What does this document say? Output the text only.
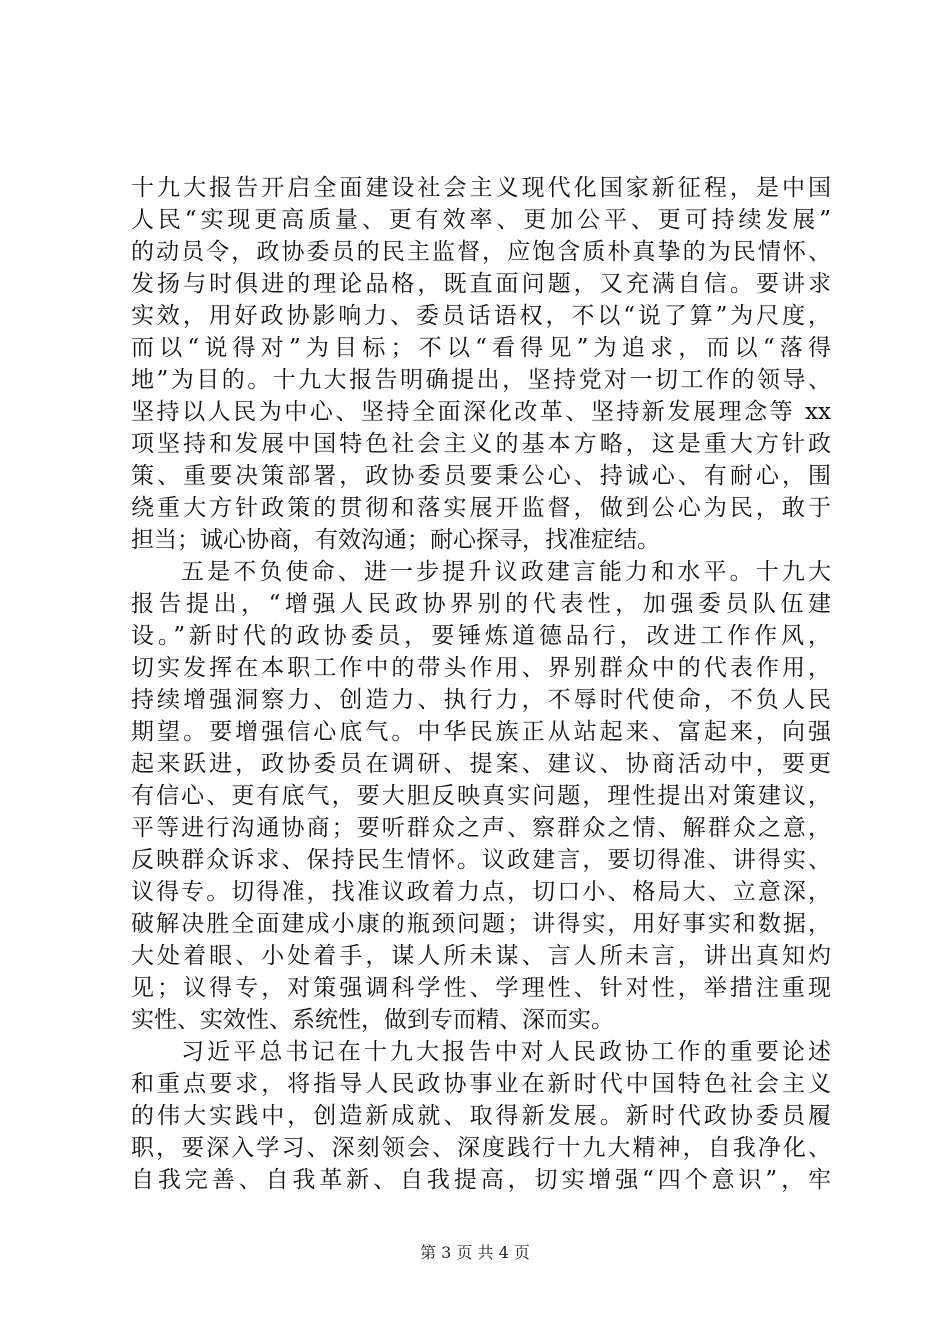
十九大报告开启全面建设社会主义现代化国家新征程，是中国
人民“实现更高质量、更有效率、更加公平、更可持续发展”
的动员令，政协委员的民主监督，应饱含质朴真挚的为民情怀、
发扬与时俱进的理论品格，既直面问题，又充满自信。要讲求
实效，用好政协影响力、委员话语权，不以“说了算”为尺度，
而以“说得对”为目标；不以“看得见”为追求，而以“落得
地”为目的。十九大报告明确提出，坚持党对一切工作的领导、
坚持以人民为中心、坚持全面深化改革、坚持新发展理念等 xx
项坚持和发展中国特色社会主义的基本方略，这是重大方针政
策、重要决策部署，政协委员要秉公心、持诚心、有耐心，围
绕重大方针政策的贯彻和落实展开监督，做到公心为民，敢于
担当；诚心协商，有效沟通；耐心探寻，找准症结。
五是不负使命、进一步提升议政建言能力和水平。十九大
报告提出，“增强人民政协界别的代表性，加强委员队伍建
设。”新时代的政协委员，要锤炼道德品行，改进工作作风，
切实发挥在本职工作中的带头作用、界别群众中的代表作用，
持续增强洞察力、创造力、执行力，不辱时代使命，不负人民
期望。要增强信心底气。中华民族正从站起来、富起来，向强
起来跃进，政协委员在调研、提案、建议、协商活动中，要更
有信心、更有底气，要大胆反映真实问题，理性提出对策建议，
平等进行沟通协商；要听群众之声、察群众之情、解群众之意，
反映群众诉求、保持民生情怀。议政建言，要切得准、讲得实、
议得专。切得准，找准议政着力点，切口小、格局大、立意深，
破解决胜全面建成小康的瓶颈问题；讲得实，用好事实和数据，
大处着眼、小处着手，谋人所未谋、言人所未言，讲出真知灼
见；议得专，对策强调科学性、学理性、针对性，举措注重现
实性、实效性、系统性，做到专而精、深而实。
习近平总书记在十九大报告中对人民政协工作的重要论述
和重点要求，将指导人民政协事业在新时代中国特色社会主义
的伟大实践中，创造新成就、取得新发展。新时代政协委员履
职，要深入学习、深刻领会、深度践行十九大精神，自我净化、
自我完善、自我革新、自我提高，切实增强“四个意识”，牢
第 3 页 共 4 页
